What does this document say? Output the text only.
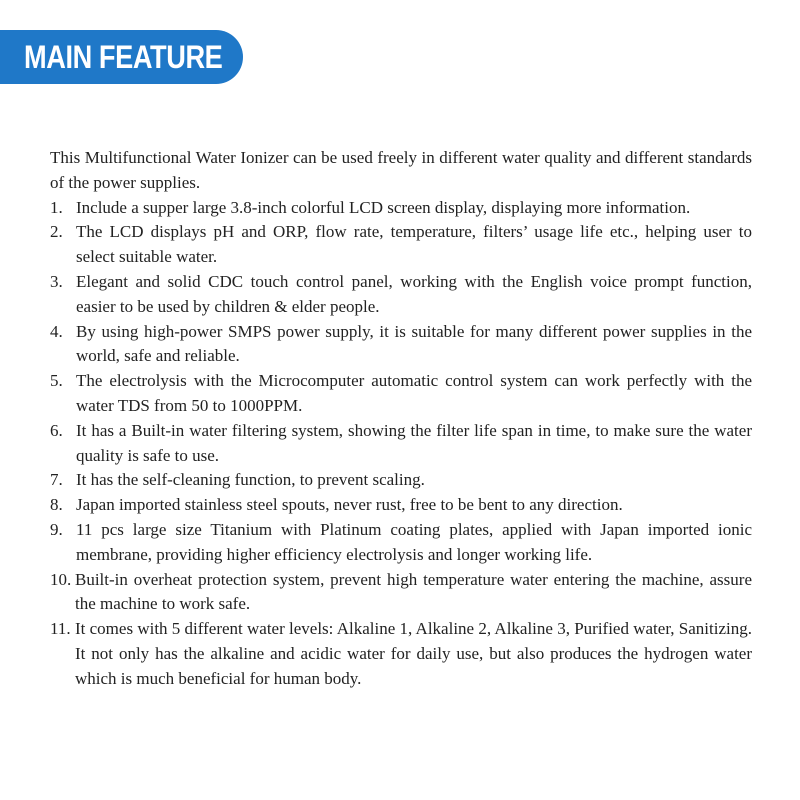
MAIN FEATURE

This Multifunctional Water Ionizer can be used freely in different water quality and different standards of the power supplies.

1. Include a supper large 3.8-inch colorful LCD screen display, displaying more information.
2. The LCD displays pH and ORP, flow rate, temperature, filters’ usage life etc., helping user to select suitable water.
3. Elegant and solid CDC touch control panel, working with the English voice prompt function, easier to be used by children & elder people.
4. By using high-power SMPS power supply, it is suitable for many different power supplies in the world, safe and reliable.
5. The electrolysis with the Microcomputer automatic control system can work perfectly with the water TDS from 50 to 1000PPM.
6. It has a Built-in water filtering system, showing the filter life span in time, to make sure the water quality is safe to use.
7. It has the self-cleaning function, to prevent scaling.
8. Japan imported stainless steel spouts, never rust, free to be bent to any direction.
9. 11 pcs large size Titanium with Platinum coating plates, applied with Japan imported ionic membrane, providing higher efficiency electrolysis and longer working life.
10. Built-in overheat protection system, prevent high temperature water entering the machine, assure the machine to work safe.
11. It comes with 5 different water levels: Alkaline 1, Alkaline 2, Alkaline 3, Purified water, Sanitizing. It not only has the alkaline and acidic water for daily use, but also produces the hydrogen water which is much beneficial for human body.
